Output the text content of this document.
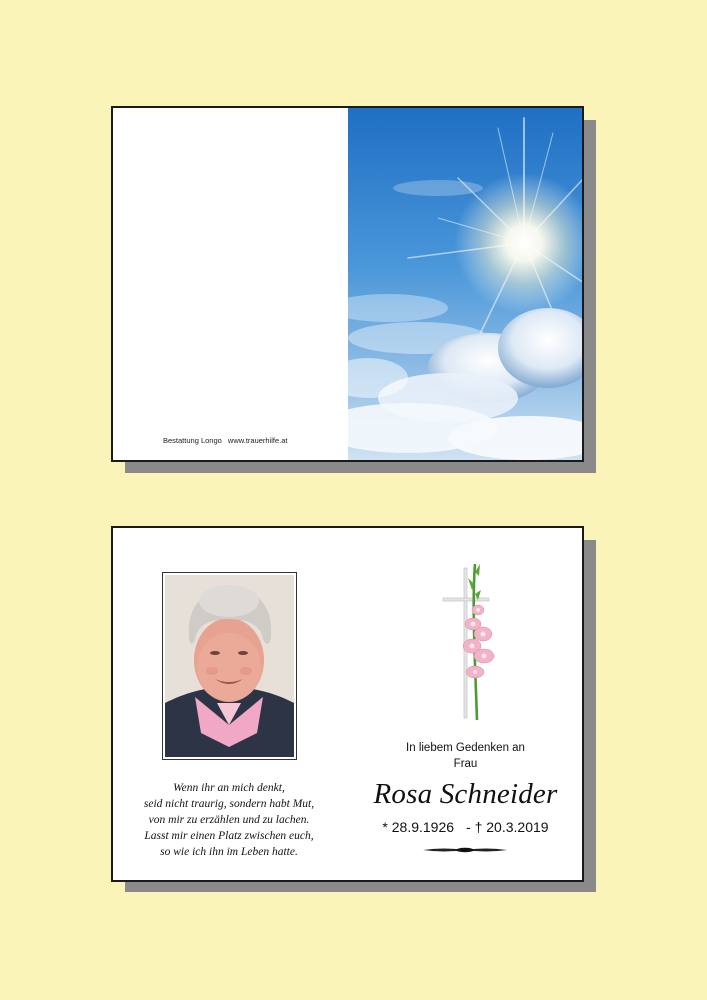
Bestattung Longo www.trauerhilfe.at
Wenn ihr an mich denkt,
seid nicht traurig, sondern habt Mut,
von mir zu erzählen und zu lachen.
Lasst mir einen Platz zwischen euch,
so wie ich ihn im Leben hatte.
In liebem Gedenken an
Frau
Rosa Schneider
* 28.9.1926 - † 20.3.2019
